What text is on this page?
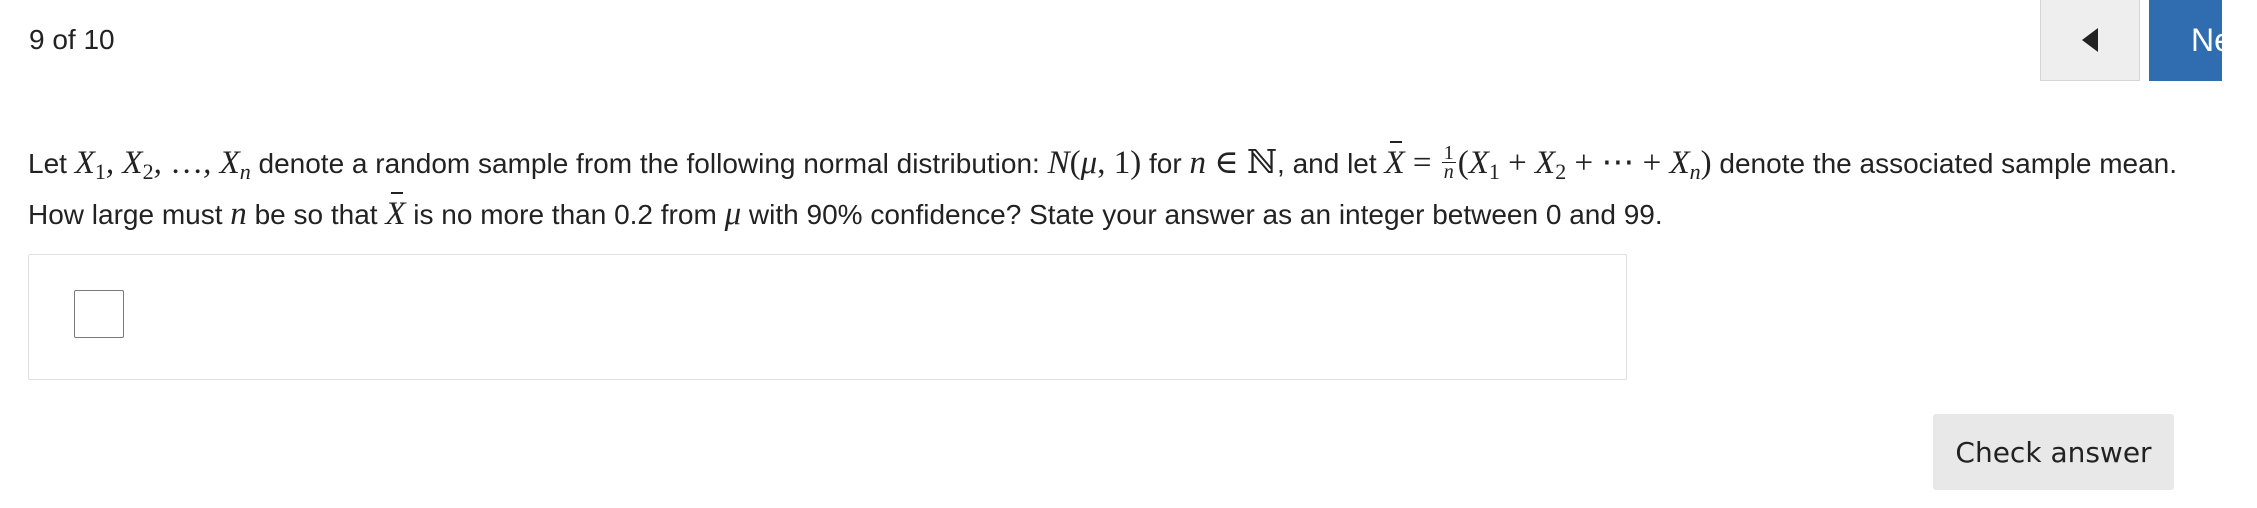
9 of 10	Next
Let $X_1$, $X_2$, …, $X_n$ denote a random sample from the following normal distribution: N(μ, 1) for n ∈ ℕ, and let $X = \frac{1}{n} (X_1 + X_2$ + ⋯ + $X_n$) denote the associated sample mean. How large must n be so that X is no more than 0.2 from μ with 90% confidence? State your answer as an integer between 0 and 99.
Check answer
